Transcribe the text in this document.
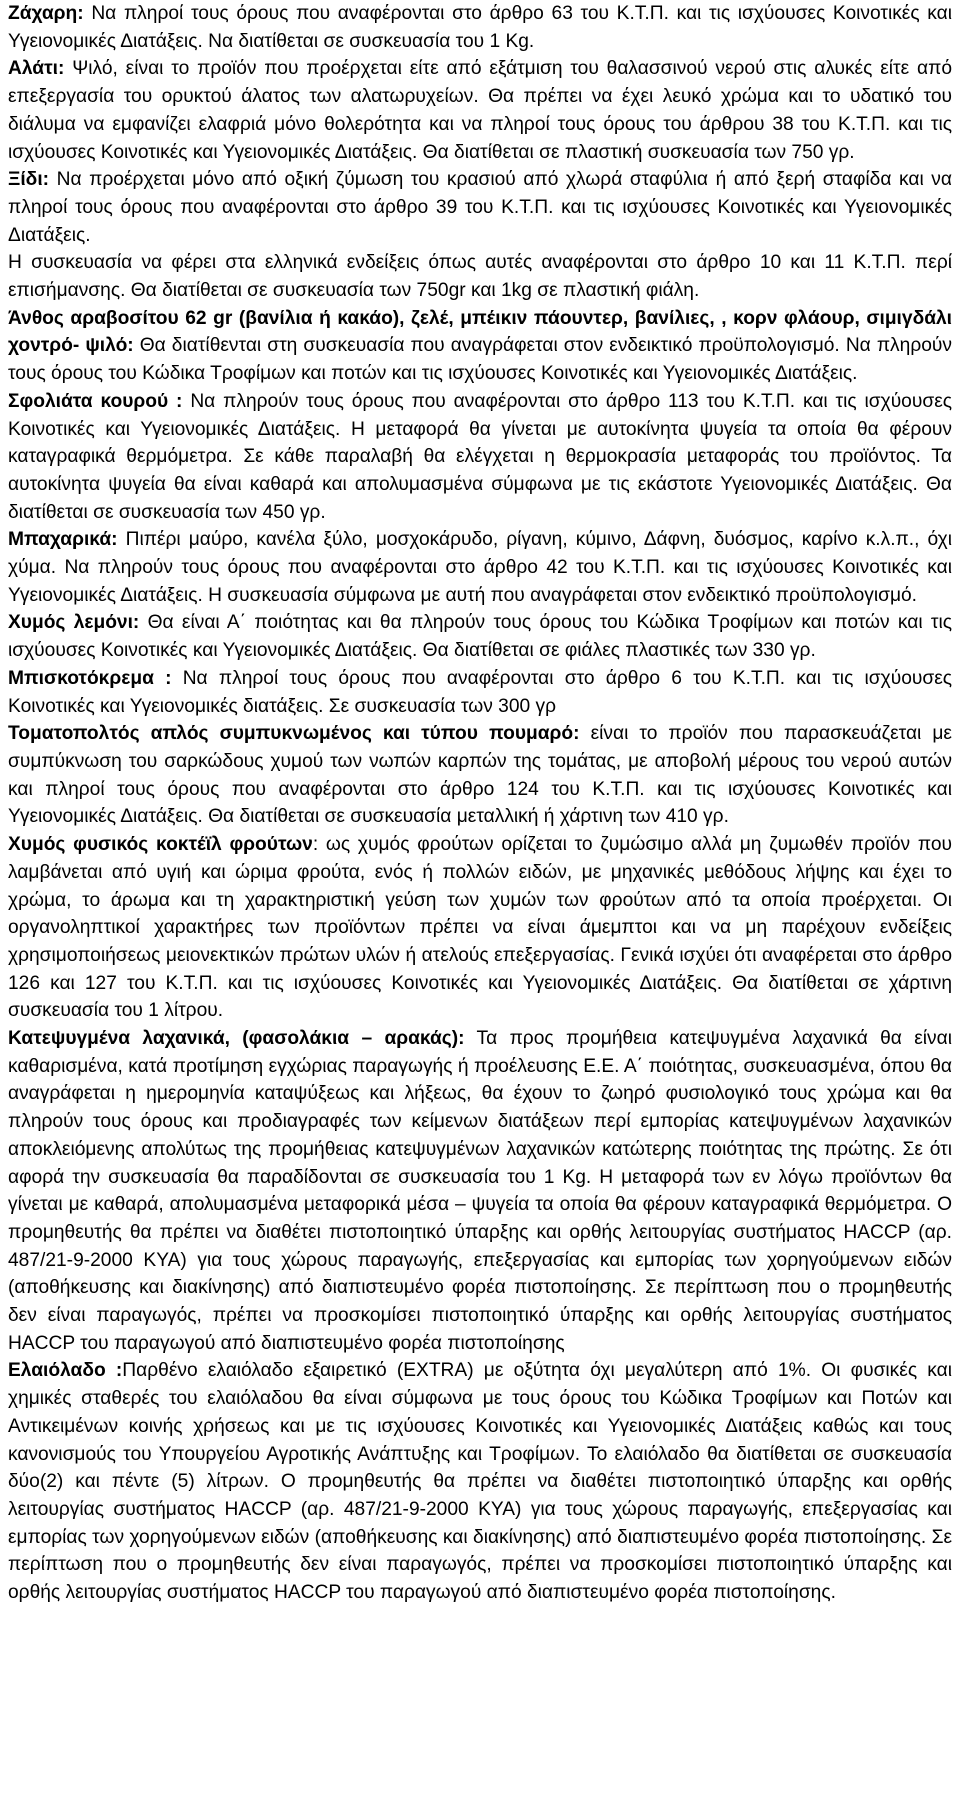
Ζάχαρη: Να πληροί τους όρους που αναφέρονται στο άρθρο 63 του Κ.Τ.Π. και τις ισχύουσες Κοινοτικές και Υγειονομικές Διατάξεις. Να διατίθεται σε συσκευασία του 1 Kg.

Αλάτι: Ψιλό, είναι το προϊόν που προέρχεται είτε από εξάτμιση του θαλασσινού νερού στις αλυκές είτε από επεξεργασία του ορυκτού άλατος των αλατωρυχείων. Θα πρέπει να έχει λευκό χρώμα και το υδατικό του διάλυμα να εμφανίζει ελαφριά μόνο θολερότητα και να πληροί τους όρους του άρθρου 38 του Κ.Τ.Π. και τις ισχύουσες Κοινοτικές και Υγειονομικές Διατάξεις. Θα διατίθεται σε πλαστική συσκευασία των 750 γρ.

Ξίδι: Να προέρχεται μόνο από οξική ζύμωση του κρασιού από χλωρά σταφύλια ή από ξερή σταφίδα και να πληροί τους όρους που αναφέρονται στο άρθρο 39 του Κ.Τ.Π. και τις ισχύουσες Κοινοτικές και Υγειονομικές Διατάξεις.

Η συσκευασία να φέρει στα ελληνικά ενδείξεις όπως αυτές αναφέρονται στο άρθρο 10 και 11 Κ.Τ.Π. περί επισήμανσης. Θα διατίθεται σε συσκευασία των 750gr και 1kg σε πλαστική φιάλη.

Άνθος αραβοσίτου 62 gr (βανίλια ή κακάο), ζελέ, μπέικιν πάουντερ, βανίλιες, , κορν φλάουρ, σιμιγδάλι χοντρό- ψιλό: Θα διατίθενται στη συσκευασία που αναγράφεται στον ενδεικτικό προϋπολογισμό. Να πληρούν τους όρους του Κώδικα Τροφίμων και ποτών και τις ισχύουσες Κοινοτικές και Υγειονομικές Διατάξεις.

Σφολιάτα κουρού : Να πληρούν τους όρους που αναφέρονται στο άρθρο 113 του Κ.Τ.Π. και τις ισχύουσες Κοινοτικές και Υγειονομικές Διατάξεις. Η μεταφορά θα γίνεται με αυτοκίνητα ψυγεία τα οποία θα φέρουν καταγραφικά θερμόμετρα. Σε κάθε παραλαβή θα ελέγχεται η θερμοκρασία μεταφοράς του προϊόντος. Τα αυτοκίνητα ψυγεία θα είναι καθαρά και απολυμασμένα σύμφωνα με τις εκάστοτε Υγειονομικές Διατάξεις. Θα διατίθεται σε συσκευασία των 450 γρ.

Μπαχαρικά: Πιπέρι μαύρο, κανέλα ξύλο, μοσχοκάρυδο, ρίγανη, κύμινο, Δάφνη, δυόσμος, καρίνο κ.λ.π., όχι χύμα. Να πληρούν τους όρους που αναφέρονται στο άρθρο 42 του Κ.Τ.Π. και τις ισχύουσες Κοινοτικές και Υγειονομικές Διατάξεις. Η συσκευασία σύμφωνα με αυτή που αναγράφεται στον ενδεικτικό προϋπολογισμό.

Χυμός λεμόνι: Θα είναι Α΄ ποιότητας και θα πληρούν τους όρους του Κώδικα Τροφίμων και ποτών και τις ισχύουσες Κοινοτικές και Υγειονομικές Διατάξεις. Θα διατίθεται σε φιάλες πλαστικές των 330 γρ.

Μπισκοτόκρεμα : Να πληροί τους όρους που αναφέρονται στο άρθρο 6 του Κ.Τ.Π. και τις ισχύουσες Κοινοτικές και Υγειονομικές διατάξεις. Σε συσκευασία των 300 γρ

Τοματοπολτός απλός συμπυκνωμένος και τύπου πουμαρό: είναι το προϊόν που παρασκευάζεται με συμπύκνωση του σαρκώδους χυμού των νωπών καρπών της τομάτας, με αποβολή μέρους του νερού αυτών και πληροί τους όρους που αναφέρονται στο άρθρο 124 του Κ.Τ.Π. και τις ισχύουσες Κοινοτικές και Υγειονομικές Διατάξεις. Θα διατίθεται σε συσκευασία μεταλλική ή χάρτινη των 410 γρ.

Χυμός φυσικός κοκτέϊλ φρούτων: ως χυμός φρούτων ορίζεται το ζυμώσιμο αλλά μη ζυμωθέν προϊόν που λαμβάνεται από υγιή και ώριμα φρούτα, ενός ή πολλών ειδών, με μηχανικές μεθόδους λήψης και έχει το χρώμα, το άρωμα και τη χαρακτηριστική γεύση των χυμών των φρούτων από τα οποία προέρχεται. Οι οργανοληπτικοί χαρακτήρες των προϊόντων πρέπει να είναι άμεμπτοι και να μη παρέχουν ενδείξεις χρησιμοποιήσεως μειονεκτικών πρώτων υλών ή ατελούς επεξεργασίας. Γενικά ισχύει ότι αναφέρεται στο άρθρο 126 και 127 του Κ.Τ.Π. και τις ισχύουσες Κοινοτικές και Υγειονομικές Διατάξεις. Θα διατίθεται σε χάρτινη συσκευασία του 1 λίτρου.

Κατεψυγμένα λαχανικά, (φασολάκια – αρακάς): Τα προς προμήθεια κατεψυγμένα λαχανικά θα είναι καθαρισμένα, κατά προτίμηση εγχώριας παραγωγής ή προέλευσης Ε.Ε. Α΄ ποιότητας, συσκευασμένα, όπου θα αναγράφεται η ημερομηνία καταψύξεως και λήξεως, θα έχουν το ζωηρό φυσιολογικό τους χρώμα και θα πληρούν τους όρους και προδιαγραφές των κείμενων διατάξεων περί εμπορίας κατεψυγμένων λαχανικών αποκλειόμενης απολύτως της προμήθειας κατεψυγμένων λαχανικών κατώτερης ποιότητας της πρώτης. Σε ότι αφορά την συσκευασία θα παραδίδονται σε συσκευασία του 1 Kg. Η μεταφορά των εν λόγω προϊόντων θα γίνεται με καθαρά, απολυμασμένα μεταφορικά μέσα – ψυγεία τα οποία θα φέρουν καταγραφικά θερμόμετρα. Ο προμηθευτής θα πρέπει να διαθέτει πιστοποιητικό ύπαρξης και ορθής λειτουργίας συστήματος HACCP (αρ. 487/21-9-2000 ΚΥΑ) για τους χώρους παραγωγής, επεξεργασίας και εμπορίας των χορηγούμενων ειδών (αποθήκευσης και διακίνησης) από διαπιστευμένο φορέα πιστοποίησης. Σε περίπτωση που ο προμηθευτής δεν είναι παραγωγός, πρέπει να προσκομίσει πιστοποιητικό ύπαρξης και ορθής λειτουργίας συστήματος HACCP του παραγωγού από διαπιστευμένο φορέα πιστοποίησης

Ελαιόλαδο :Παρθένο ελαιόλαδο εξαιρετικό (EXTRA) με οξύτητα όχι μεγαλύτερη από 1%. Οι φυσικές και χημικές σταθερές του ελαιόλαδου θα είναι σύμφωνα με τους όρους του Κώδικα Τροφίμων και Ποτών και Αντικειμένων κοινής χρήσεως και με τις ισχύουσες Κοινοτικές και Υγειονομικές Διατάξεις καθώς και τους κανονισμούς του Υπουργείου Αγροτικής Ανάπτυξης και Τροφίμων. Το ελαιόλαδο θα διατίθεται σε συσκευασία δύο(2) και πέντε (5) λίτρων. Ο προμηθευτής θα πρέπει να διαθέτει πιστοποιητικό ύπαρξης και ορθής λειτουργίας συστήματος HACCP (αρ. 487/21-9-2000 ΚΥΑ) για τους χώρους παραγωγής, επεξεργασίας και εμπορίας των χορηγούμενων ειδών (αποθήκευσης και διακίνησης) από διαπιστευμένο φορέα πιστοποίησης. Σε περίπτωση που ο προμηθευτής δεν είναι παραγωγός, πρέπει να προσκομίσει πιστοποιητικό ύπαρξης και ορθής λειτουργίας συστήματος HACCP του παραγωγού από διαπιστευμένο φορέα πιστοποίησης.
